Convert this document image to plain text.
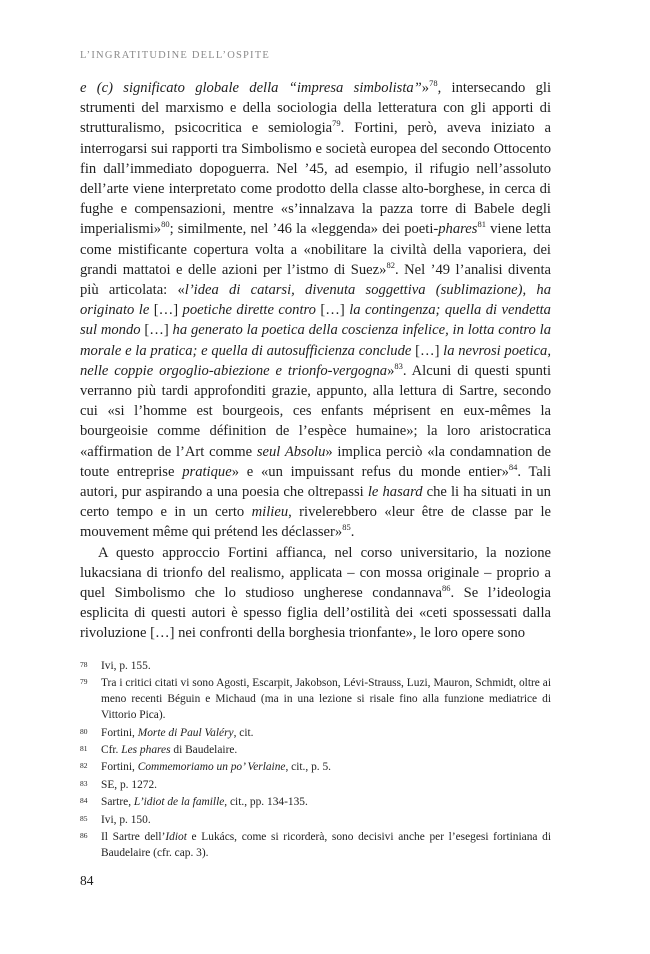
L’INGRATITUDINE DELL’OSPITE

e (c) significato globale della “impresa simbolista”»$^{78}$, intersecando gli strumenti del marxismo e della sociologia della letteratura con gli apporti di strutturalismo, psicocritica e semiologia$^{79}$. Fortini, però, aveva iniziato a interrogarsi sui rapporti tra Simbolismo e società europea del secondo Ottocento fin dall’immediato dopoguerra. Nel ’45, ad esempio, il rifugio nell’assoluto dell’arte viene interpretato come prodotto della classe alto-borghese, in cerca di fughe e compensazioni, mentre «s’innalzava la pazza torre di Babele degli imperialismi»$^{80}$; similmente, nel ’46 la «leggenda» dei poeti-phares$^{81}$ viene letta come mistificante copertura volta a «nobilitare la civiltà della vaporiera, dei grandi mattatoi e delle azioni per l’istmo di Suez»$^{82}$. Nel ’49 l’analisi diventa più articolata: «l’idea di catarsi, divenuta soggettiva (sublimazione), ha originato le […] poetiche dirette contro […] la contingenza; quella di vendetta sul mondo […] ha generato la poetica della coscienza infelice, in lotta contro la morale e la pratica; e quella di autosufficienza conclude […] la nevrosi poetica, nelle coppie orgoglio-abiezione e trionfo-vergogna»$^{83}$. Alcuni di questi spunti verranno più tardi approfonditi grazie, appunto, alla lettura di Sartre, secondo cui «si l’homme est bourgeois, ces enfants méprisent en eux-mêmes la bourgeoisie comme définition de l’espèce humaine»; la loro aristocratica «affirmation de l’Art comme seul Absolu» implica perciò «la condamnation de toute entreprise pratique» e «un impuissant refus du monde entier»$^{84}$. Tali autori, pur aspirando a una poesia che oltrepassi le hasard che li ha situati in un certo tempo e in un certo milieu, rivelerebbero «leur être de classe par le mouvement même qui prétend les déclasser»$^{85}$.

A questo approccio Fortini affianca, nel corso universitario, la nozione lukacsiana di trionfo del realismo, applicata – con mossa originale – proprio a quel Simbolismo che lo studioso ungherese condannava$^{86}$. Se l’ideologia esplicita di questi autori è spesso figlia dell’ostilità dei «ceti spossessati dalla rivoluzione […] nei confronti della borghesia trionfante», le loro opere sono

78	Ivi, p. 155.
79	Tra i critici citati vi sono Agosti, Escarpit, Jakobson, Lévi-Strauss, Luzi, Mauron, Schmidt, oltre ai meno recenti Béguin e Michaud (ma in una lezione si risale fino alla funzione mediatrice di Vittorio Pica).
80	Fortini, Morte di Paul Valéry, cit.
81	Cfr. Les phares di Baudelaire.
82	Fortini, Commemoriamo un po’ Verlaine, cit., p. 5.
83	SE, p. 1272.
84	Sartre, L’idiot de la famille, cit., pp. 134-135.
85	Ivi, p. 150.
86	Il Sartre dell’Idiot e Lukács, come si ricorderà, sono decisivi anche per l’esegesi fortiniana di Baudelaire (cfr. cap. 3).
84
